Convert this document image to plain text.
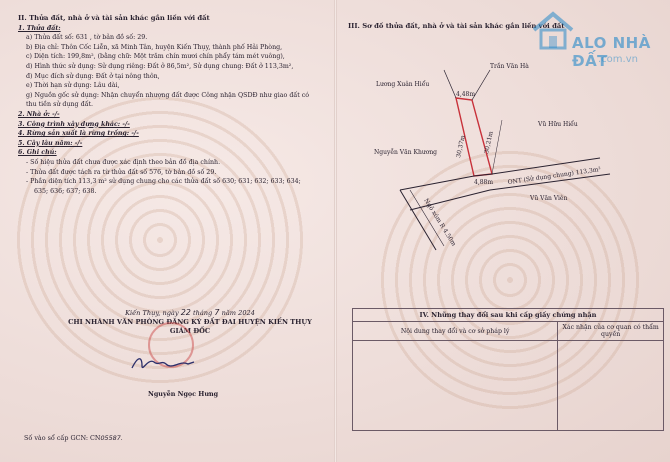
II. Thửa đất, nhà ở và tài sản khác gắn liền với đất
1. Thửa đất:
a) Thửa đất số: 631 , tờ bản đồ số: 29.
b) Địa chỉ: Thôn Cốc Liễn, xã Minh Tân, huyện Kiến Thụy, thành phố Hải Phòng,
c) Diện tích: 199,8m², (bằng chữ: Một trăm chín mươi chín phẩy tám mét vuông),
d) Hình thức sử dụng: Sử dụng riêng: Đất ở 86,5m², Sử dụng chung: Đất ở 113,3m²,
đ) Mục đích sử dụng: Đất ở tại nông thôn,
e) Thời hạn sử dụng: Lâu dài,
g) Nguồn gốc sử dụng: Nhận chuyển nhượng đất được Công nhận QSDĐ như giao đất có
thu tiền sử dụng đất.
2. Nhà ở: -/-
3. Công trình xây dựng khác: -/-
4. Rừng sản xuất là rừng trồng: -/-
5. Cây lâu năm: -/-
6. Ghi chú:
- Số hiệu thửa đất chưa được xác định theo bản đồ địa chính.
- Thửa đất được tách ra từ thửa đất số 576, tờ bản đồ số 29.
- Phần diện tích 113,3 m² sử dụng chung cho các thửa đất số 630; 631; 632; 633; 634;
635; 636; 637; 638.
Kiến Thụy, ngày 22 tháng 7 năm 2024
CHI NHÁNH VĂN PHÒNG ĐĂNG KÝ ĐẤT ĐAI HUYỆN KIẾN THỤY
GIÁM ĐỐC
Nguyễn Ngọc Hưng
Số vào sổ cấp GCN: CN05587.
III. Sơ đồ thửa đất, nhà ở và tài sản khác gắn liền với đất
ALO NHÀ ĐẤT
.com.vn
Trần Văn Hà
Lương Xuân Hiểu
Vũ Hữu Hiểu
Nguyễn Văn Khương
Vũ Văn Viên
4,48m
30,37m	30,21m
4,88m ONT (Sử dụng chung) 113,3m²
Ngõ xóm R 4.50m
IV. Những thay đổi sau khi cấp giấy chứng nhận	
Nội dung thay đổi và cơ sở pháp lý	Xác nhận của cơ quan có thẩm quyền
